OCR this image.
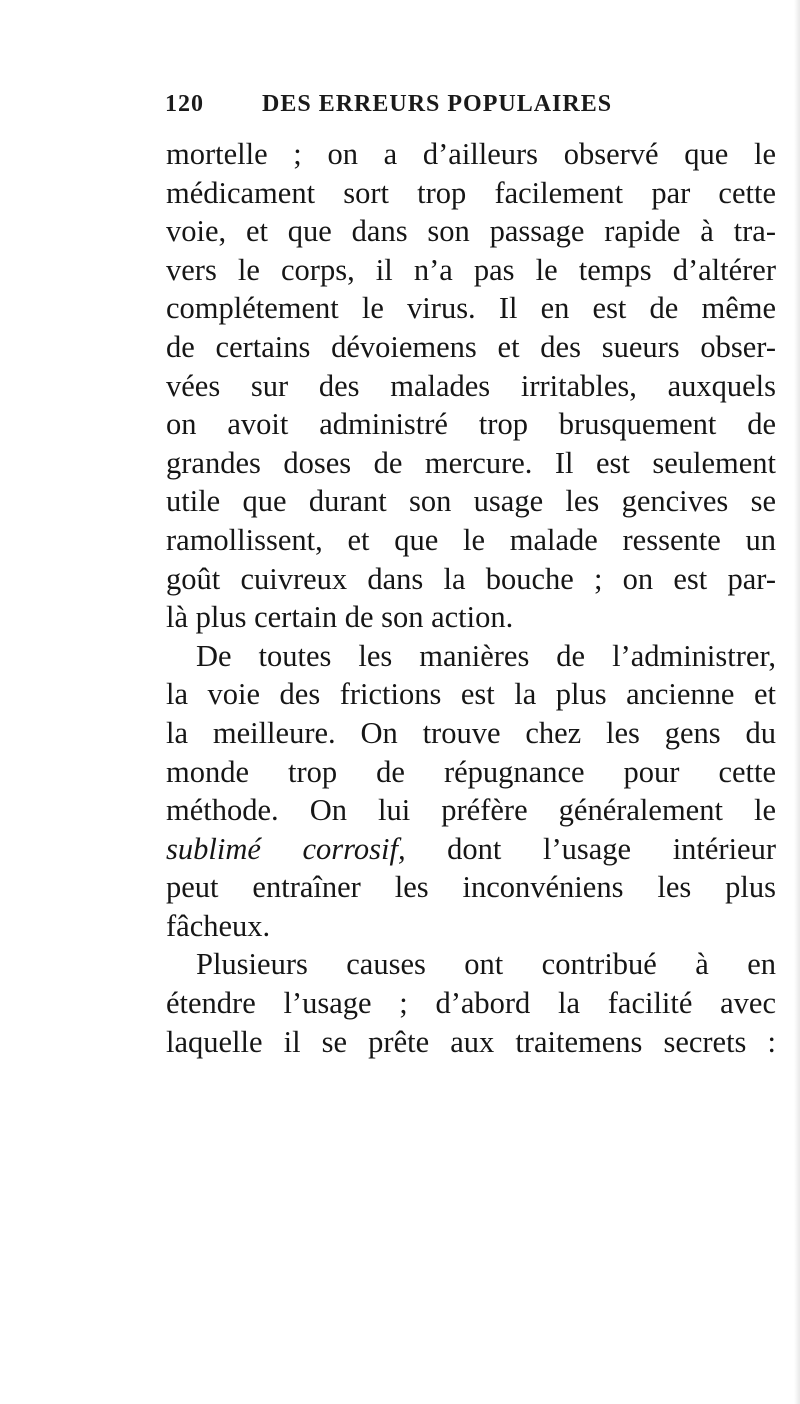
120 DES ERREURS POPULAIRES
mortelle ; on a d’ailleurs observé que le
médicament sort trop facilement par cette
voie, et que dans son passage rapide à tra-
vers le corps, il n’a pas le temps d’altérer
complétement le virus. Il en est de même
de certains dévoiemens et des sueurs obser-
vées sur des malades irritables, auxquels
on avoit administré trop brusquement de
grandes doses de mercure. Il est seulement
utile que durant son usage les gencives se
ramollissent, et que le malade ressente un
goût cuivreux dans la bouche ; on est par-
là plus certain de son action.
De toutes les manières de l’administrer,
la voie des frictions est la plus ancienne et
la meilleure. On trouve chez les gens du
monde trop de répugnance pour cette
méthode. On lui préfère généralement le
sublimé corrosif, dont l’usage intérieur
peut entraîner les inconvéniens les plus
fâcheux.
Plusieurs causes ont contribué à en
étendre l’usage ; d’abord la facilité avec
laquelle il se prête aux traitemens secrets :
